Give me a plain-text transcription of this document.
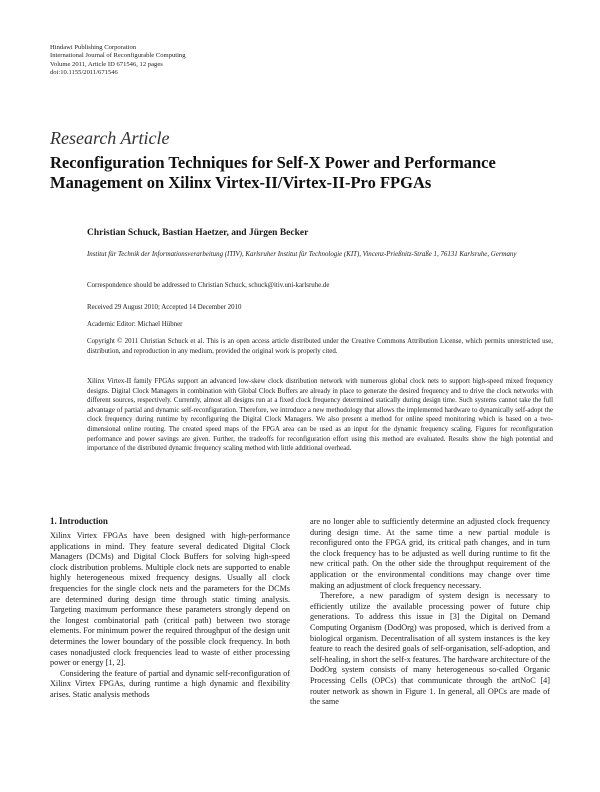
Hindawi Publishing Corporation
International Journal of Reconfigurable Computing
Volume 2011, Article ID 671546, 12 pages
doi:10.1155/2011/671546
Research Article
Reconfiguration Techniques for Self-X Power and Performance Management on Xilinx Virtex-II/Virtex-II-Pro FPGAs
Christian Schuck, Bastian Haetzer, and Jürgen Becker
Institut für Technik der Informationsverarbeitung (ITIV), Karlsruher Institut für Technologie (KIT), Vincenz-Prießnitz-Straße 1, 76131 Karlsruhe, Germany
Correspondence should be addressed to Christian Schuck, schuck@itiv.uni-karlsruhe.de
Received 29 August 2010; Accepted 14 December 2010
Academic Editor: Michael Hübner
Copyright © 2011 Christian Schuck et al. This is an open access article distributed under the Creative Commons Attribution License, which permits unrestricted use, distribution, and reproduction in any medium, provided the original work is properly cited.
Xilinx Virtex-II family FPGAs support an advanced low-skew clock distribution network with numerous global clock nets to support high-speed mixed frequency designs. Digital Clock Managers in combination with Global Clock Buffers are already in place to generate the desired frequency and to drive the clock networks with different sources, respectively. Currently, almost all designs run at a fixed clock frequency determined statically during design time. Such systems cannot take the full advantage of partial and dynamic self-reconfiguration. Therefore, we introduce a new methodology that allows the implemented hardware to dynamically self-adopt the clock frequency during runtime by reconfiguring the Digital Clock Managers. We also present a method for online speed monitoring which is based on a two-dimensional online routing. The created speed maps of the FPGA area can be used as an input for the dynamic frequency scaling. Figures for reconfiguration performance and power savings are given. Further, the tradeoffs for reconfiguration effort using this method are evaluated. Results show the high potential and importance of the distributed dynamic frequency scaling method with little additional overhead.
1. Introduction

Xilinx Virtex FPGAs have been designed with high-performance applications in mind. They feature several dedicated Digital Clock Managers (DCMs) and Digital Clock Buffers for solving high-speed clock distribution problems. Multiple clock nets are supported to enable highly heterogeneous mixed frequency designs. Usually all clock frequencies for the single clock nets and the parameters for the DCMs are determined during design time through static timing analysis. Targeting maximum performance these parameters strongly depend on the longest combinatorial path (critical path) between two storage elements. For minimum power the required throughput of the design unit determines the lower boundary of the possible clock frequency. In both cases nonadjusted clock frequencies lead to waste of either processing power or energy [1, 2].

Considering the feature of partial and dynamic self-reconfiguration of Xilinx Virtex FPGAs, during runtime a high dynamic and flexibility arises. Static analysis methods

are no longer able to sufficiently determine an adjusted clock frequency during design time. At the same time a new partial module is reconfigured onto the FPGA grid, its critical path changes, and in turn the clock frequency has to be adjusted as well during runtime to fit the new critical path. On the other side the throughput requirement of the application or the environmental conditions may change over time making an adjustment of clock frequency necessary.

Therefore, a new paradigm of system design is necessary to efficiently utilize the available processing power of future chip generations. To address this issue in [3] the Digital on Demand Computing Organism (DodOrg) was proposed, which is derived from a biological organism. Decentralisation of all system instances is the key feature to reach the desired goals of self-organisation, self-adoption, and self-healing, in short the self-x features. The hardware architecture of the DodOrg system consists of many heterogeneous so-called Organic Processing Cells (OPCs) that communicate through the artNoC [4] router network as shown in Figure 1. In general, all OPCs are made of the same
